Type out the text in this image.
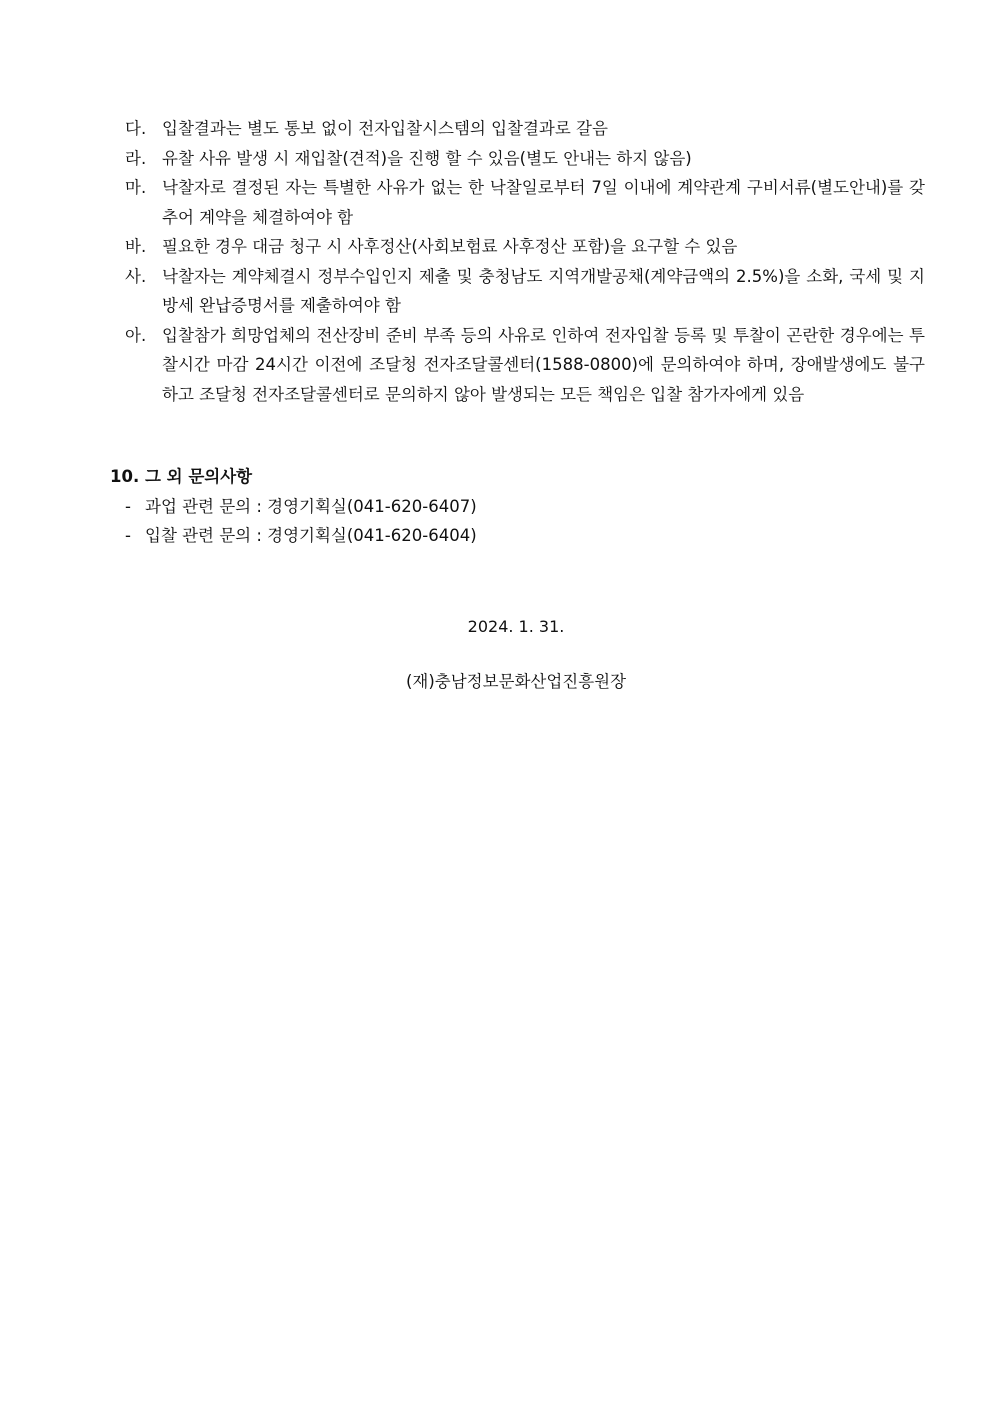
다. 입찰결과는 별도 통보 없이 전자입찰시스템의 입찰결과로 갈음
라. 유찰 사유 발생 시 재입찰(견적)을 진행 할 수 있음(별도 안내는 하지 않음)
마. 낙찰자로 결정된 자는 특별한 사유가 없는 한 낙찰일로부터 7일 이내에 계약관계 구비서류(별도안내)를 갖추어 계약을 체결하여야 함
바. 필요한 경우 대금 청구 시 사후정산(사회보험료 사후정산 포함)을 요구할 수 있음
사. 낙찰자는 계약체결시 정부수입인지 제출 및 충청남도 지역개발공채(계약금액의 2.5%)을 소화, 국세 및 지방세 완납증명서를 제출하여야 함
아. 입찰참가 희망업체의 전산장비 준비 부족 등의 사유로 인하여 전자입찰 등록 및 투찰이 곤란한 경우에는 투찰시간 마감 24시간 이전에 조달청 전자조달콜센터(1588-0800)에 문의하여야 하며, 장애발생에도 불구하고 조달청 전자조달콜센터로 문의하지 않아 발생되는 모든 책임은 입찰 참가자에게 있음
10. 그 외 문의사항
- 과업 관련 문의 : 경영기획실(041-620-6407)
- 입찰 관련 문의 : 경영기획실(041-620-6404)
2024. 1. 31.
(재)충남정보문화산업진흥원장
